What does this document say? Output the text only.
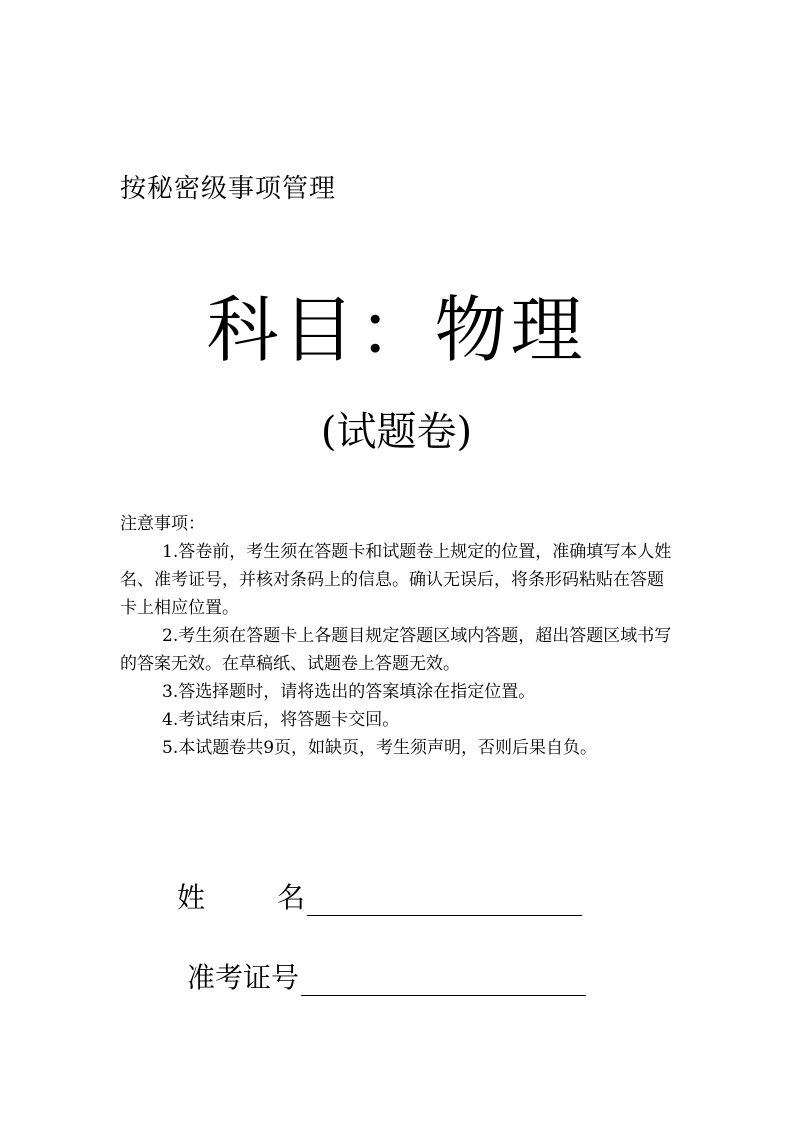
按秘密级事项管理
科目：物理
(试题卷)

注意事项：

1.答卷前，考生须在答题卡和试题卷上规定的位置，准确填写本人姓名、准考证号，并核对条码上的信息。确认无误后，将条形码粘贴在答题卡上相应位置。

2.考生须在答题卡上各题目规定答题区域内答题，超出答题区域书写的答案无效。在草稿纸、试题卷上答题无效。

3.答选择题时，请将选出的答案填涂在指定位置。

4.考试结束后，将答题卡交回。

5.本试题卷共9页，如缺页，考生须声明，否则后果自负。

姓	名
准考证号
